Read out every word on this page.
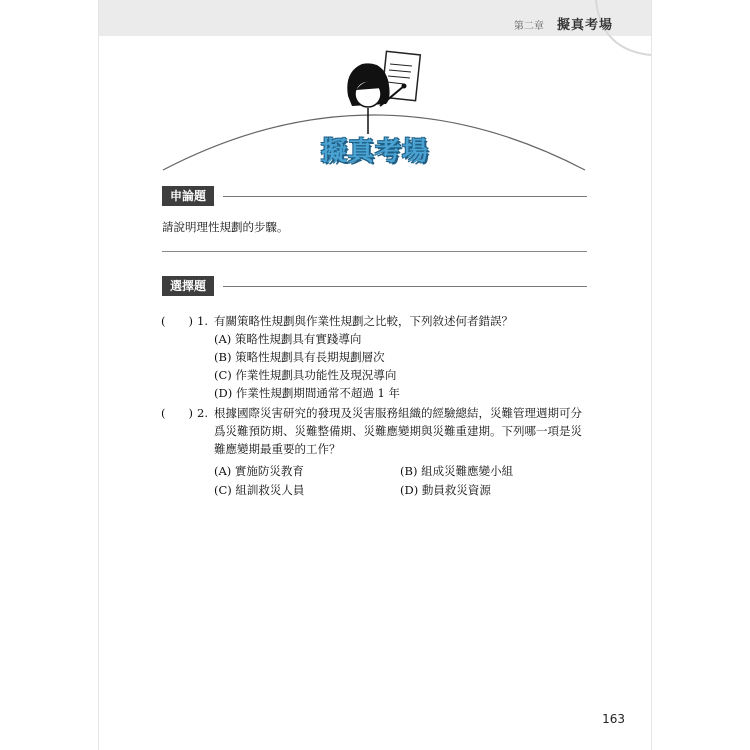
第二章 擬真考場
擬真考場
申論題
請說明理性規劃的步驟。
選擇題
(　　) 1. 有關策略性規劃與作業性規劃之比較，下列敘述何者錯誤？
(A) 策略性規劃具有實踐導向
(B) 策略性規劃具有長期規劃層次
(C) 作業性規劃具功能性及現況導向
(D) 作業性規劃期間通常不超過 1 年
(　　) 2. 根據國際災害研究的發現及災害服務組織的經驗總結，災難管理週期可分
爲災難預防期、災難整備期、災難應變期與災難重建期。下列哪一項是災
難應變期最重要的工作？
(A) 實施防災教育	(B) 組成災難應變小組
(C) 組訓救災人員	(D) 動員救災資源
163
